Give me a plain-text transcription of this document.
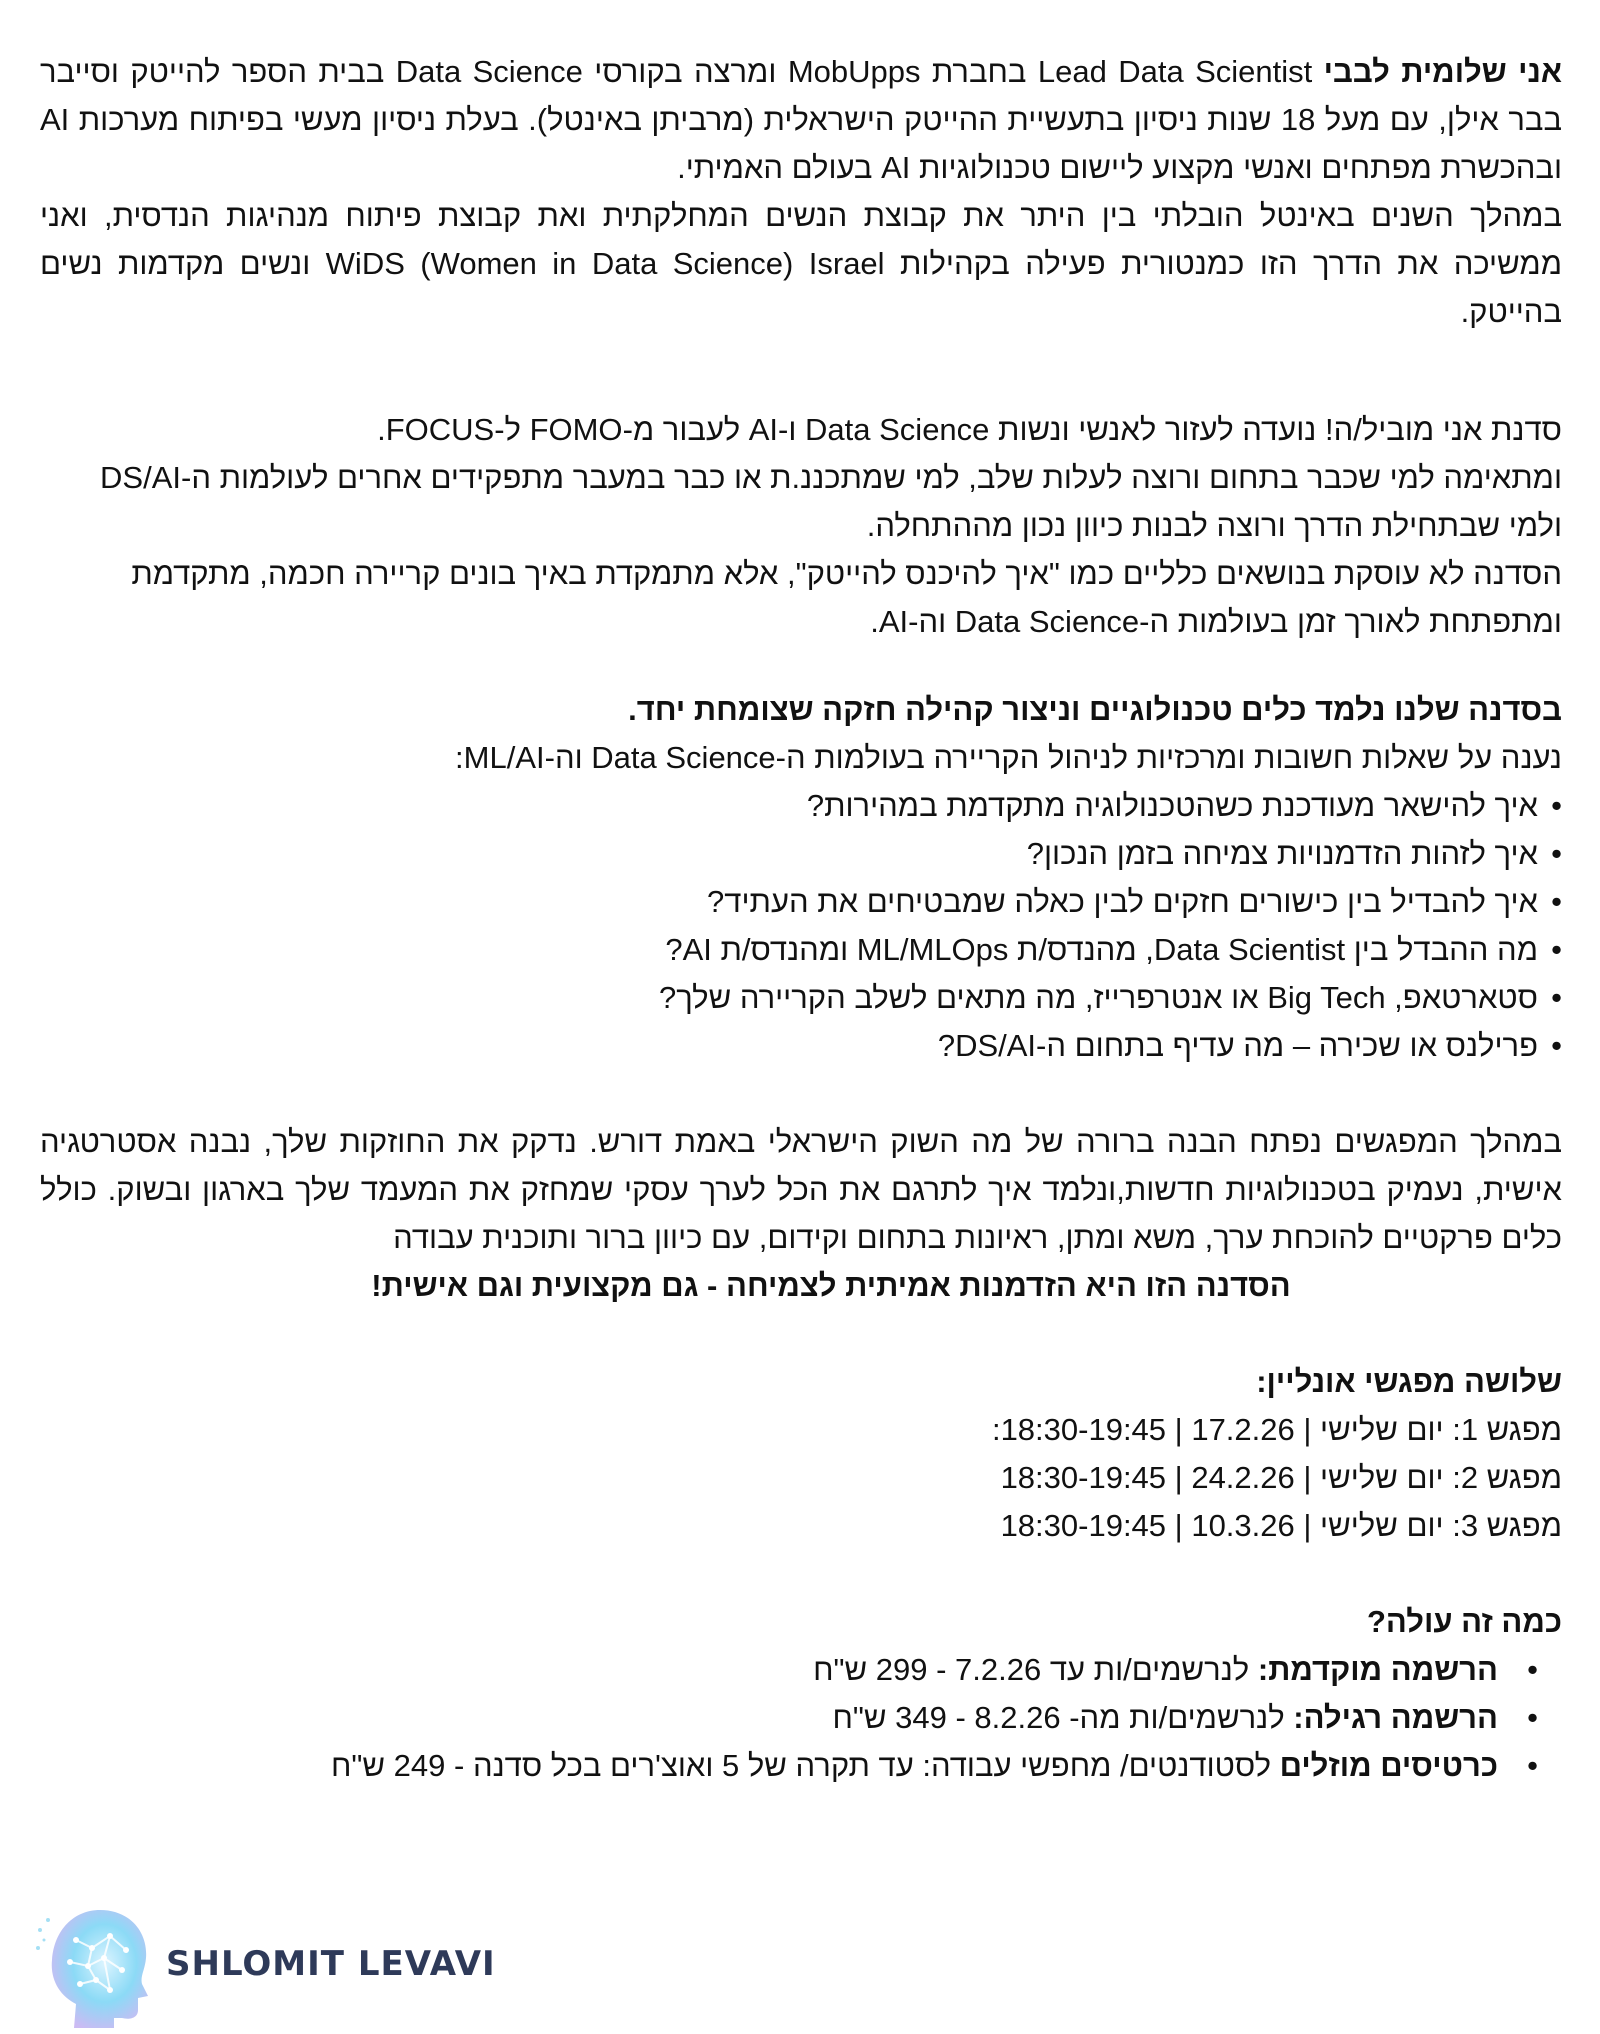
אני שלומית לבבי Lead Data Scientist בחברת MobUpps ומרצה בקורסי Data Science בבית הספר להייטק וסייבר בבר אילן, עם מעל 18 שנות ניסיון בתעשיית ההייטק הישראלית (מרביתן באינטל). בעלת ניסיון מעשי בפיתוח מערכות AI ובהכשרת מפתחים ואנשי מקצוע ליישום טכנולוגיות AI בעולם האמיתי.

במהלך השנים באינטל הובלתי בין היתר את קבוצת הנשים המחלקתית ואת קבוצת פיתוח מנהיגות הנדסית, ואני ממשיכה את הדרך הזו כמנטורית פעילה בקהילות WiDS (Women in Data Science) Israel ונשים מקדמות נשים בהייטק.

סדנת אני מוביל/ה! נועדה לעזור לאנשי ונשות Data Science ו-AI לעבור מ-FOMO ל-FOCUS.

ומתאימה למי שכבר בתחום ורוצה לעלות שלב, למי שמתכננ.ת או כבר במעבר מתפקידים אחרים לעולמות ה-DS/AI ולמי שבתחילת הדרך ורוצה לבנות כיוון נכון מההתחלה.

הסדנה לא עוסקת בנושאים כלליים כמו "איך להיכנס להייטק", אלא מתמקדת באיך בונים קריירה חכמה, מתקדמת ומתפתחת לאורך זמן בעולמות ה-Data Science וה-AI.

בסדנה שלנו נלמד כלים טכנולוגיים וניצור קהילה חזקה שצומחת יחד.

נענה על שאלות חשובות ומרכזיות לניהול הקריירה בעולמות ה-Data Science וה-ML/AI:

• איך להישאר מעודכנת כשהטכנולוגיה מתקדמת במהירות?
• איך לזהות הזדמנויות צמיחה בזמן הנכון?
• איך להבדיל בין כישורים חזקים לבין כאלה שמבטיחים את העתיד?
• מה ההבדל בין Data Scientist, מהנדס/ת ML/MLOps ומהנדס/ת AI?
• סטארטאפ, Big Tech או אנטרפרייז, מה מתאים לשלב הקריירה שלך?
• פרילנס או שכירה – מה עדיף בתחום ה-DS/AI?

במהלך המפגשים נפתח הבנה ברורה של מה השוק הישראלי באמת דורש. נדקק את החוזקות שלך, נבנה אסטרטגיה אישית, נעמיק בטכנולוגיות חדשות,ונלמד איך לתרגם את הכל לערך עסקי שמחזק את המעמד שלך בארגון ובשוק. כולל כלים פרקטיים להוכחת ערך, משא ומתן, ראיונות בתחום וקידום, עם כיוון ברור ותוכנית עבודה

הסדנה הזו היא הזדמנות אמיתית לצמיחה - גם מקצועית וגם אישית!

שלושה מפגשי אונליין:

מפגש 1: יום שלישי | 17.2.26 | 18:30-19:45:

מפגש 2: יום שלישי | 24.2.26 | 18:30-19:45

מפגש 3: יום שלישי | 10.3.26 | 18:30-19:45

כמה זה עולה?

• הרשמה מוקדמת: לנרשמים/ות עד 7.2.26 - 299 ש"ח
• הרשמה רגילה: לנרשמים/ות מה- 8.2.26 - 349 ש"ח
• כרטיסים מוזלים לסטודנטים/ מחפשי עבודה: עד תקרה של 5 ואוצ'רים בכל סדנה - 249 ש"ח
SHLOMIT LEVAVI
